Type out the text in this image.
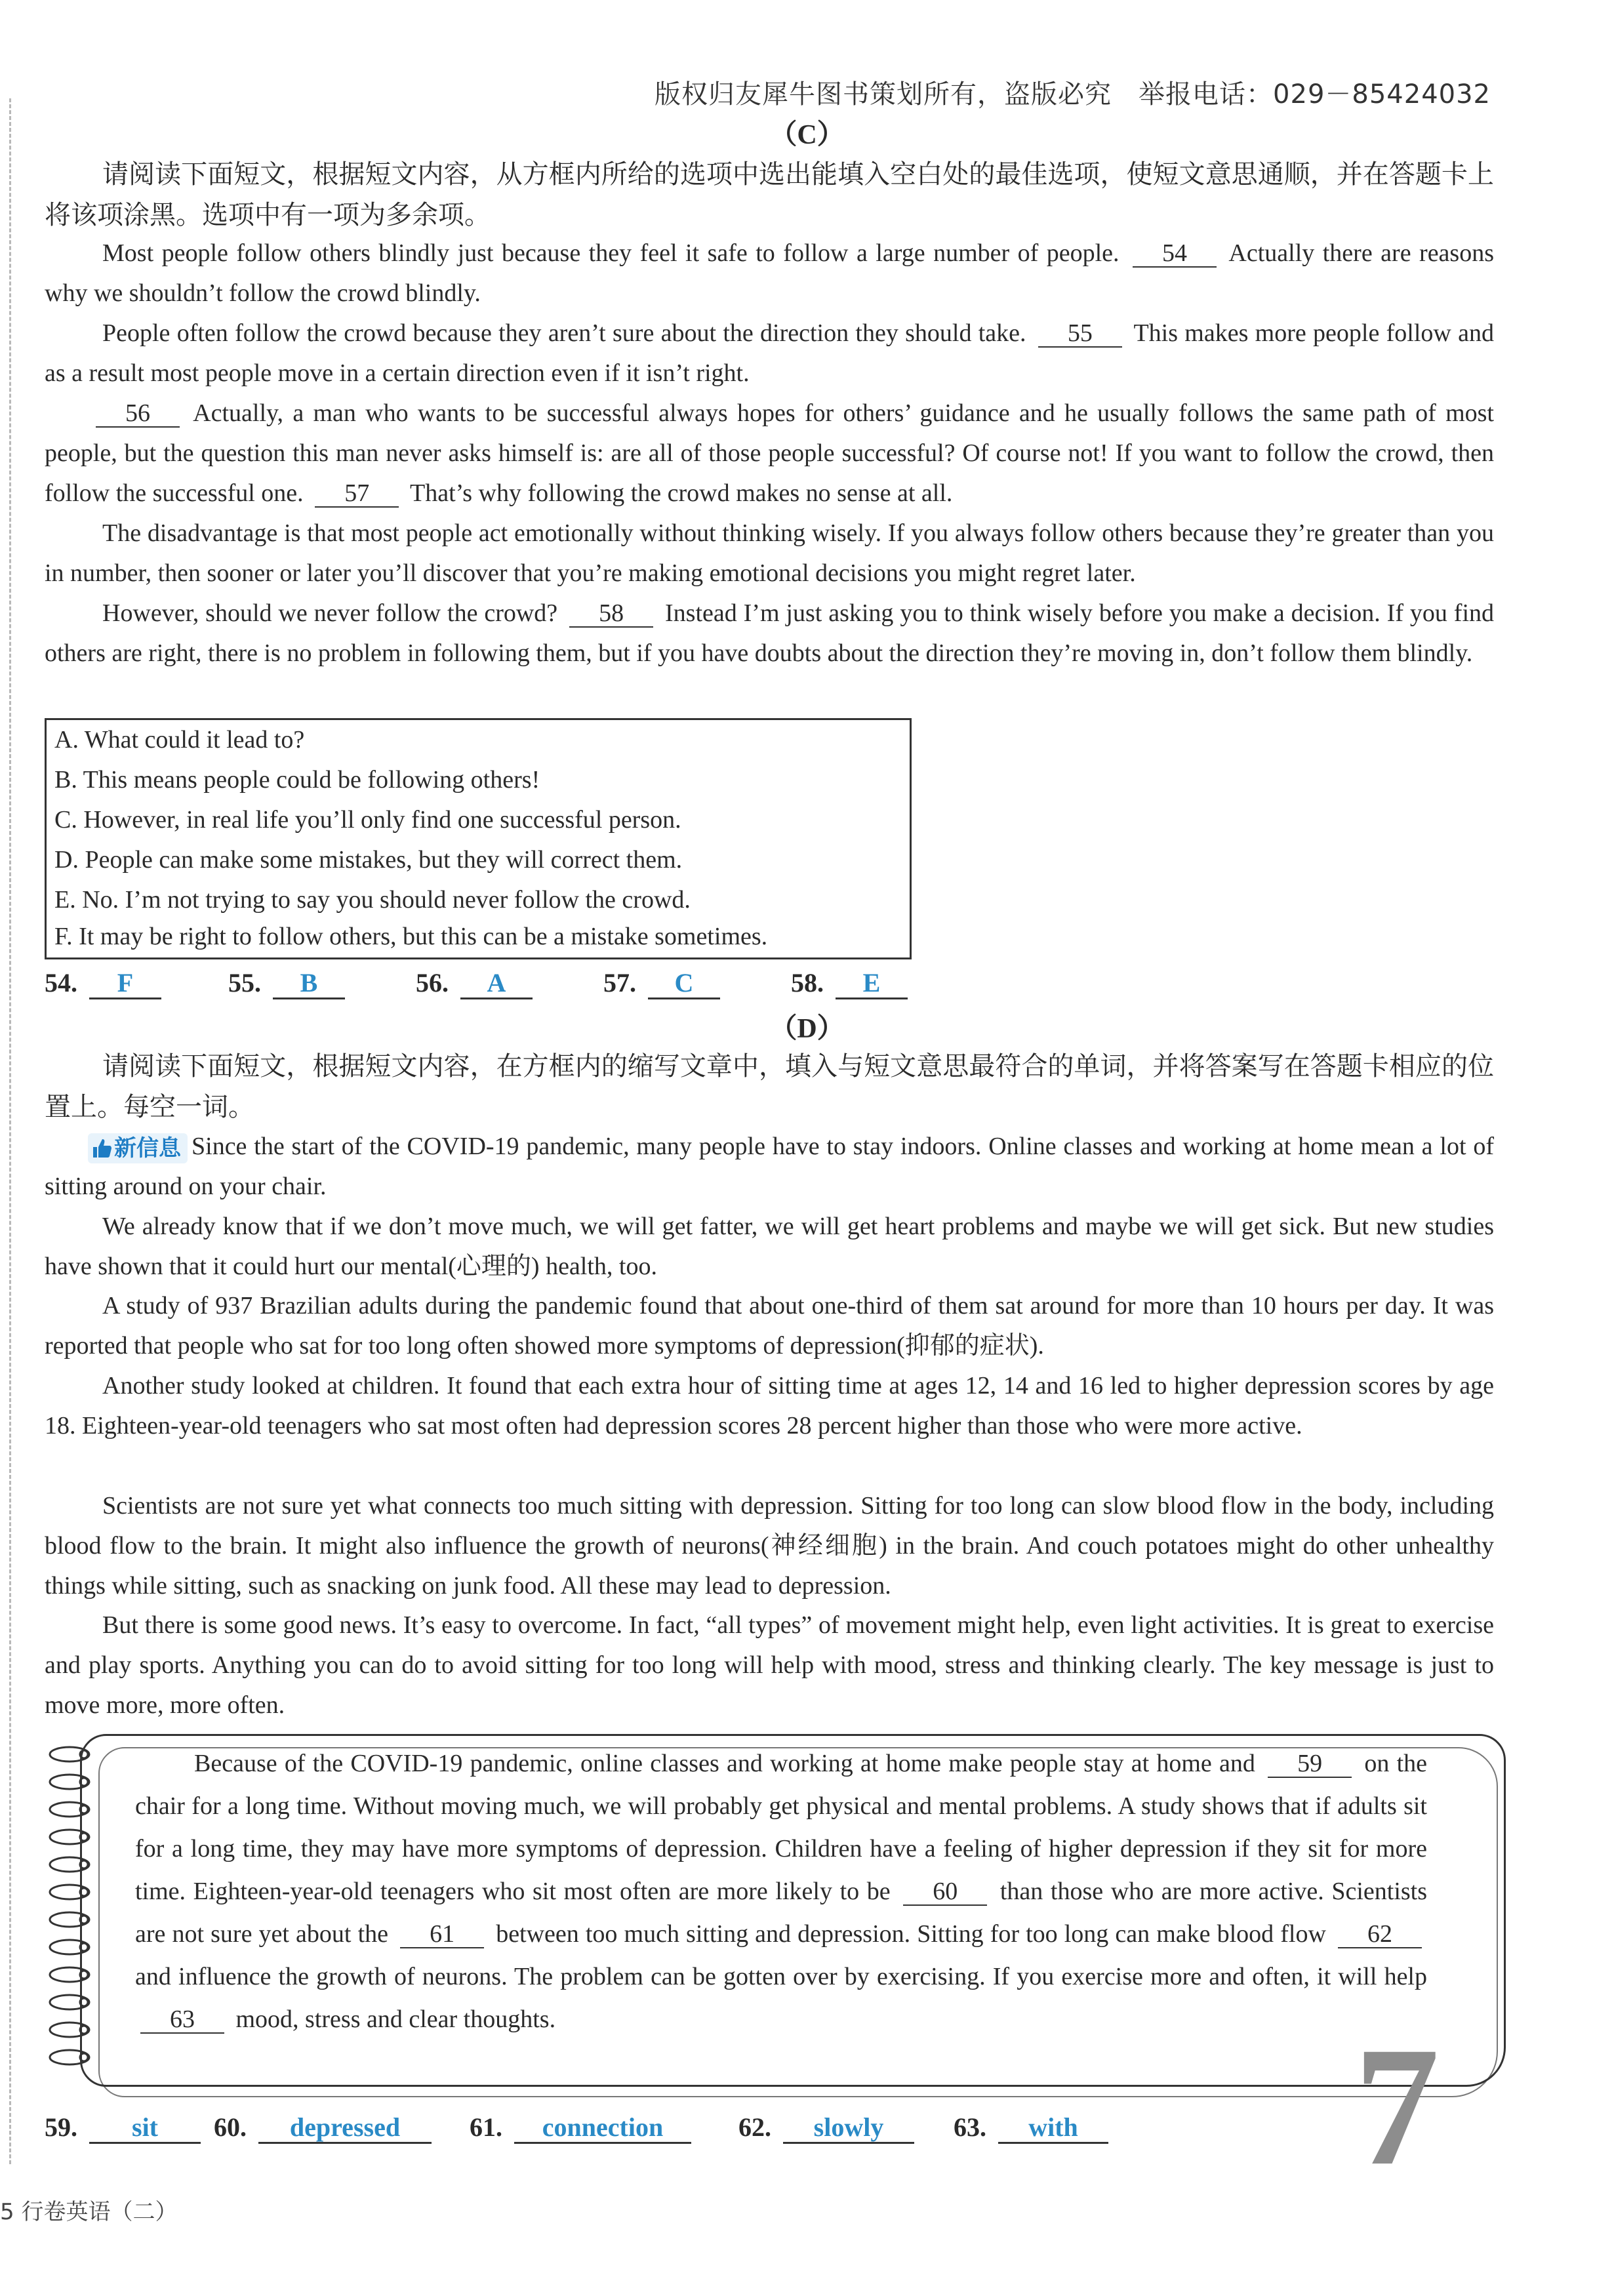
版权归友犀牛图书策划所有，盗版必究　举报电话：029－85424032
（C）

请阅读下面短文，根据短文内容，从方框内所给的选项中选出能填入空白处的最佳选项，使短文意思通顺，并在答题卡上将该项涂黑。选项中有一项为多余项。

Most people follow others blindly just because they feel it safe to follow a large number of people. 54 Actually there are reasons why we shouldn’t follow the crowd blindly.

People often follow the crowd because they aren’t sure about the direction they should take. 55 This makes more people follow and as a result most people move in a certain direction even if it isn’t right.

56 Actually, a man who wants to be successful always hopes for others’ guidance and he usually follows the same path of most people, but the question this man never asks himself is: are all of those people successful? Of course not! If you want to follow the crowd, then follow the successful one. 57 That’s why following the crowd makes no sense at all.

The disadvantage is that most people act emotionally without thinking wisely. If you always follow others because they’re greater than you in number, then sooner or later you’ll discover that you’re making emotional decisions you might regret later.

However, should we never follow the crowd? 58 Instead I’m just asking you to think wisely before you make a decision. If you find others are right, there is no problem in following them, but if you have doubts about the direction they’re moving in, don’t follow them blindly.

A. What could it lead to?
B. This means people could be following others!
C. However, in real life you’ll only find one successful person.
D. People can make some mistakes, but they will correct them.
E. No. I’m not trying to say you should never follow the crowd.
F. It may be right to follow others, but this can be a mistake sometimes.
54. F	55. B	56. A	57. C	58. E
（D）

请阅读下面短文，根据短文内容，在方框内的缩写文章中，填入与短文意思最符合的单词，并将答案写在答题卡相应的位置上。每空一词。

新信息 Since the start of the COVID-19 pandemic, many people have to stay indoors. Online classes and working at home mean a lot of sitting around on your chair.

We already know that if we don’t move much, we will get fatter, we will get heart problems and maybe we will get sick. But new studies have shown that it could hurt our mental(心理的) health, too.

A study of 937 Brazilian adults during the pandemic found that about one-third of them sat around for more than 10 hours per day. It was reported that people who sat for too long often showed more symptoms of depression(抑郁的症状).

Another study looked at children. It found that each extra hour of sitting time at ages 12, 14 and 16 led to higher depression scores by age 18. Eighteen-year-old teenagers who sat most often had depression scores 28 percent higher than those who were more active.

Scientists are not sure yet what connects too much sitting with depression. Sitting for too long can slow blood flow in the body, including blood flow to the brain. It might also influence the growth of neurons(神经细胞) in the brain. And couch potatoes might do other unhealthy things while sitting, such as snacking on junk food. All these may lead to depression.

But there is some good news. It’s easy to overcome. In fact, “all types” of movement might help, even light activities. It is great to exercise and play sports. Anything you can do to avoid sitting for too long will help with mood, stress and thinking clearly. The key message is just to move more, more often.

Because of the COVID-19 pandemic, online classes and working at home make people stay at home and 59 on the chair for a long time. Without moving much, we will probably get physical and mental problems. A study shows that if adults sit for a long time, they may have more symptoms of depression. Children have a feeling of higher depression if they sit for more time. Eighteen-year-old teenagers who sit most often are more likely to be 60 than those who are more active. Scientists are not sure yet about the 61 between too much sitting and depression. Sitting for too long can make blood flow 62 and influence the growth of neurons. The problem can be gotten over by exercising. If you exercise more and often, it will help 63 mood, stress and clear thoughts.	7
59. sit	60. depressed	61. connection	62. slowly	63. with
5 行卷英语（二）
